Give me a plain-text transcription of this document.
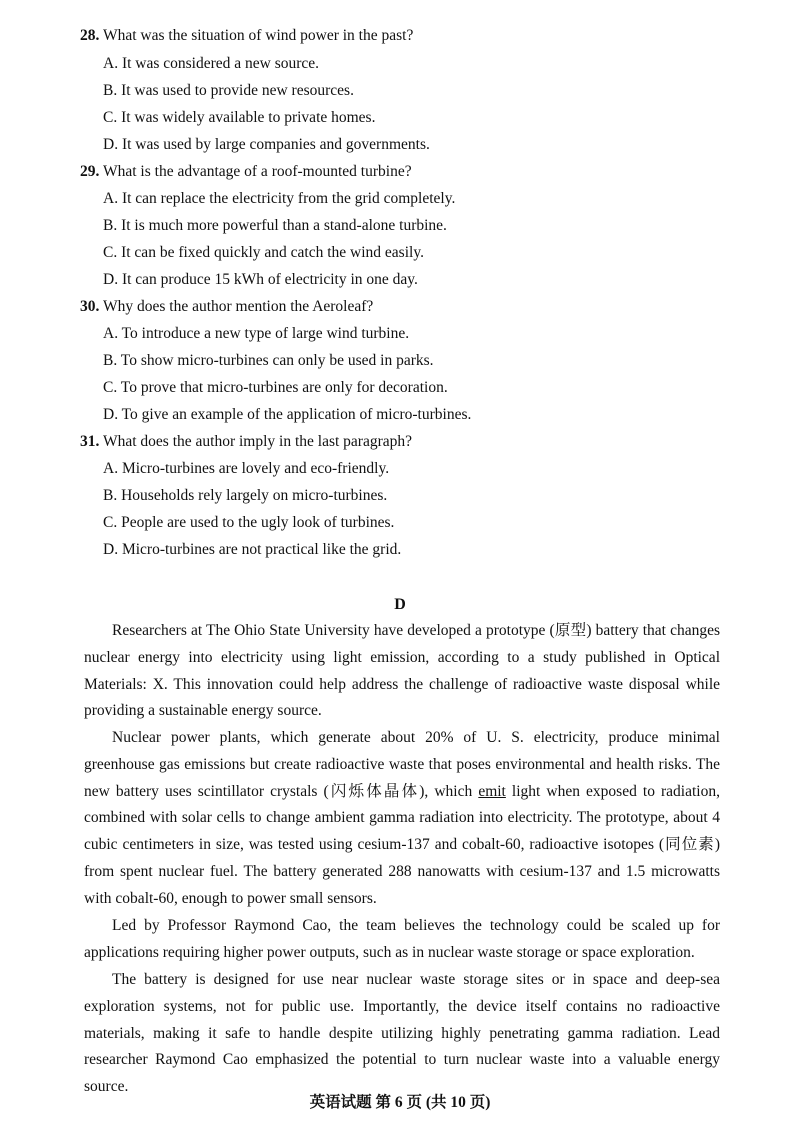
28. What was the situation of wind power in the past?
A. It was considered a new source.
B. It was used to provide new resources.
C. It was widely available to private homes.
D. It was used by large companies and governments.
29. What is the advantage of a roof-mounted turbine?
A. It can replace the electricity from the grid completely.
B. It is much more powerful than a stand-alone turbine.
C. It can be fixed quickly and catch the wind easily.
D. It can produce 15 kWh of electricity in one day.
30. Why does the author mention the Aeroleaf?
A. To introduce a new type of large wind turbine.
B. To show micro-turbines can only be used in parks.
C. To prove that micro-turbines are only for decoration.
D. To give an example of the application of micro-turbines.
31. What does the author imply in the last paragraph?
A. Micro-turbines are lovely and eco-friendly.
B. Households rely largely on micro-turbines.
C. People are used to the ugly look of turbines.
D. Micro-turbines are not practical like the grid.
D

Researchers at The Ohio State University have developed a prototype (原型) battery that changes nuclear energy into electricity using light emission, according to a study published in Optical Materials: X. This innovation could help address the challenge of radioactive waste disposal while providing a sustainable energy source.

Nuclear power plants, which generate about 20% of U. S. electricity, produce minimal greenhouse gas emissions but create radioactive waste that poses environmental and health risks. The new battery uses scintillator crystals (闪烁体晶体), which emit light when exposed to radiation, combined with solar cells to change ambient gamma radiation into electricity. The prototype, about 4 cubic centimeters in size, was tested using cesium-137 and cobalt-60, radioactive isotopes (同位素) from spent nuclear fuel. The battery generated 288 nanowatts with cesium-137 and 1.5 microwatts with cobalt-60, enough to power small sensors.

Led by Professor Raymond Cao, the team believes the technology could be scaled up for applications requiring higher power outputs, such as in nuclear waste storage or space exploration.

The battery is designed for use near nuclear waste storage sites or in space and deep-sea exploration systems, not for public use. Importantly, the device itself contains no radioactive materials, making it safe to handle despite utilizing highly penetrating gamma radiation. Lead researcher Raymond Cao emphasized the potential to turn nuclear waste into a valuable energy source.

英语试题 第 6 页 (共 10 页)
